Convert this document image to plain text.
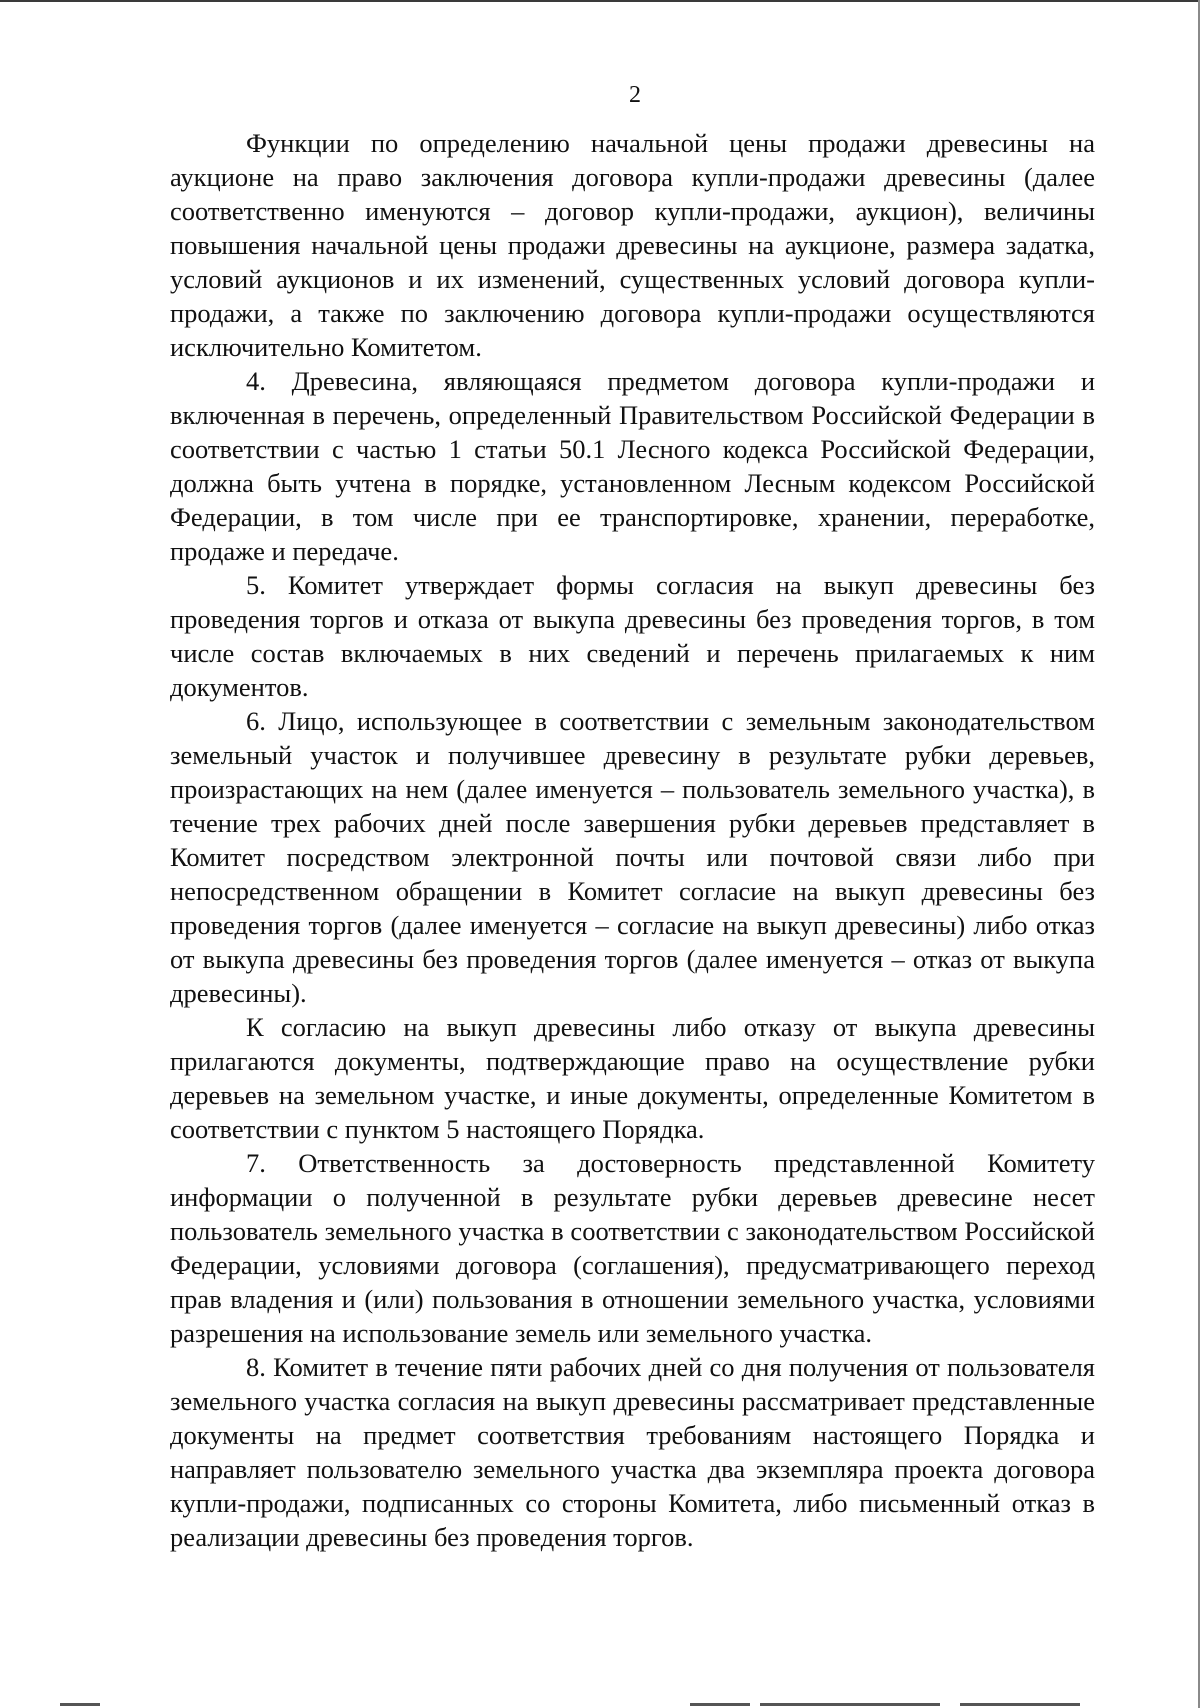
2

Функции по определению начальной цены продажи древесины на аукционе на право заключения договора купли-продажи древесины (далее соответственно именуются – договор купли-продажи, аукцион), величины повышения начальной цены продажи древесины на аукционе, размера задатка, условий аукционов и их изменений, существенных условий договора купли-продажи, а также по заключению договора купли-продажи осуществляются исключительно Комитетом.

4. Древесина, являющаяся предметом договора купли-продажи и включенная в перечень, определенный Правительством Российской Федерации в соответствии с частью 1 статьи 50.1 Лесного кодекса Российской Федерации, должна быть учтена в порядке, установленном Лесным кодексом Российской Федерации, в том числе при ее транспортировке, хранении, переработке, продаже и передаче.

5. Комитет утверждает формы согласия на выкуп древесины без проведения торгов и отказа от выкупа древесины без проведения торгов, в том числе состав включаемых в них сведений и перечень прилагаемых к ним документов.

6. Лицо, использующее в соответствии с земельным законодательством земельный участок и получившее древесину в результате рубки деревьев, произрастающих на нем (далее именуется – пользователь земельного участка), в течение трех рабочих дней после завершения рубки деревьев представляет в Комитет посредством электронной почты или почтовой связи либо при непосредственном обращении в Комитет согласие на выкуп древесины без проведения торгов (далее именуется – согласие на выкуп древесины) либо отказ от выкупа древесины без проведения торгов (далее именуется – отказ от выкупа древесины).

К согласию на выкуп древесины либо отказу от выкупа древесины прилагаются документы, подтверждающие право на осуществление рубки деревьев на земельном участке, и иные документы, определенные Комитетом в соответствии с пунктом 5 настоящего Порядка.

7. Ответственность за достоверность представленной Комитету информации о полученной в результате рубки деревьев древесине несет пользователь земельного участка в соответствии с законодательством Российской Федерации, условиями договора (соглашения), предусматривающего переход прав владения и (или) пользования в отношении земельного участка, условиями разрешения на использование земель или земельного участка.

8. Комитет в течение пяти рабочих дней со дня получения от пользователя земельного участка согласия на выкуп древесины рассматривает представленные документы на предмет соответствия требованиям настоящего Порядка и направляет пользователю земельного участка два экземпляра проекта договора купли-продажи, подписанных со стороны Комитета, либо письменный отказ в реализации древесины без проведения торгов.
